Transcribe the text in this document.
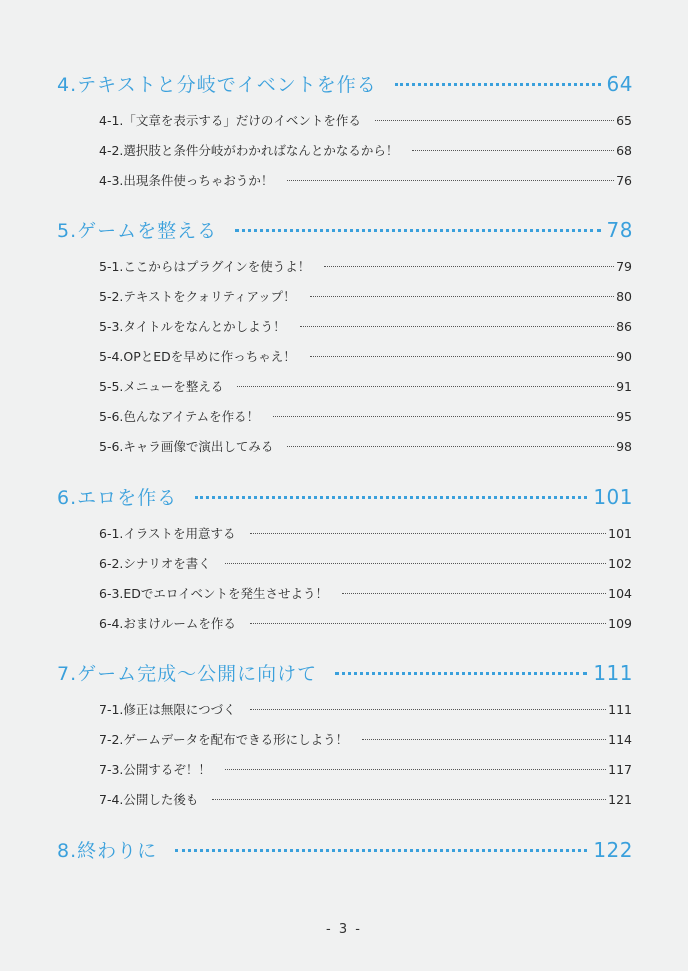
4.テキストと分岐でイベントを作る	64
4-1.「文章を表示する」だけのイベントを作る	65
4-2.選択肢と条件分岐がわかればなんとかなるから！	68
4-3.出現条件使っちゃおうか！	76
5.ゲームを整える	78
5-1.ここからはプラグインを使うよ！	79
5-2.テキストをクォリティアップ！	80
5-3.タイトルをなんとかしよう！	86
5-4.OPとEDを早めに作っちゃえ！	90
5-5.メニューを整える	91
5-6.色んなアイテムを作る！	95
5-6.キャラ画像で演出してみる	98
6.エロを作る	101
6-1.イラストを用意する	101
6-2.シナリオを書く	102
6-3.EDでエロイベントを発生させよう！	104
6-4.おまけルームを作る	109
7.ゲーム完成～公開に向けて	111
7-1.修正は無限につづく	111
7-2.ゲームデータを配布できる形にしよう！	114
7-3.公開するぞ！！	117
7-4.公開した後も	121
8.終わりに	122
- 3 -
